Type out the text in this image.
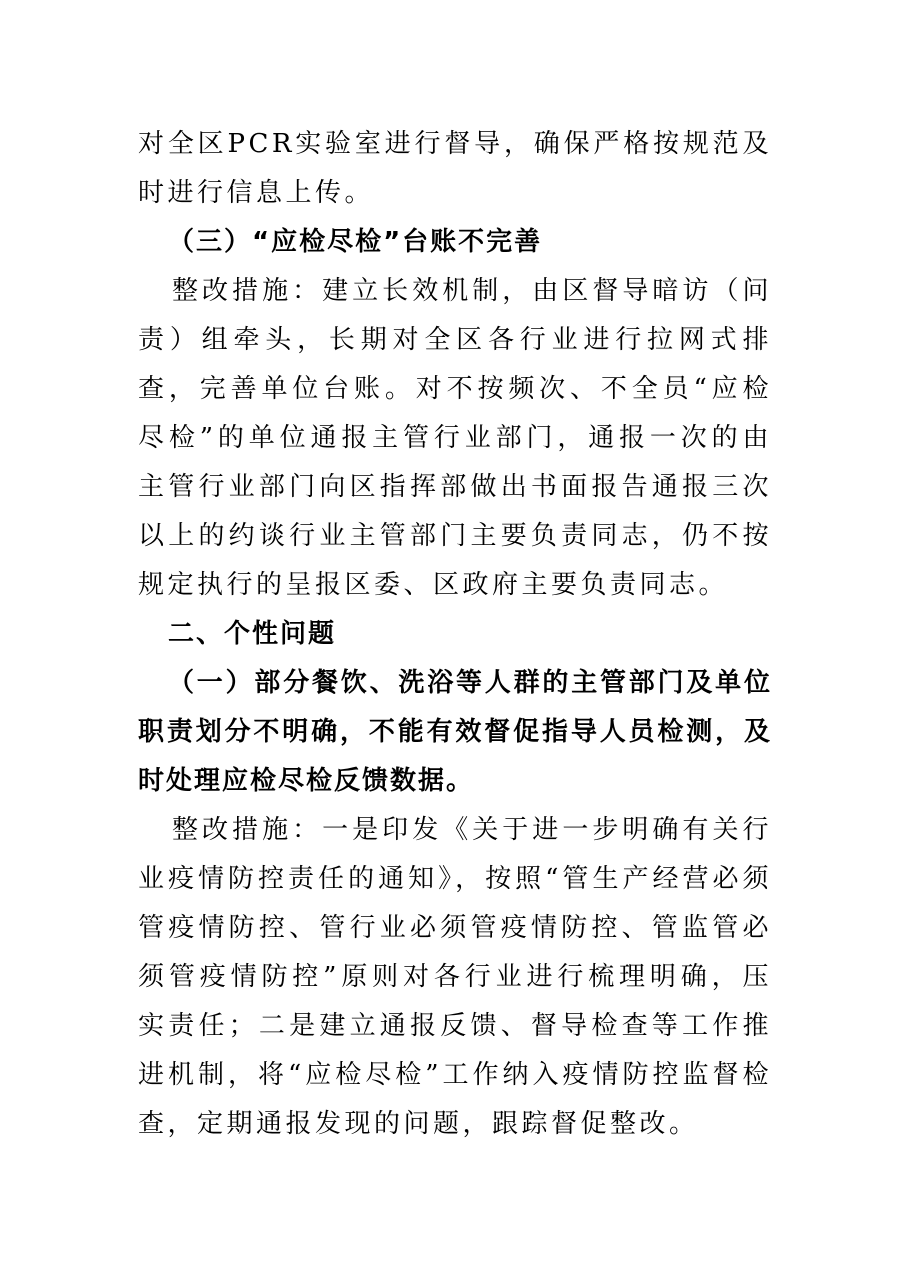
对全区PCR实验室进行督导，确保严格按规范及时进行信息上传。

（三）“应检尽检”台账不完善

整改措施：建立长效机制，由区督导暗访（问责）组牵头，长期对全区各行业进行拉网式排查，完善单位台账。对不按频次、不全员“应检尽检”的单位通报主管行业部门，通报一次的由主管行业部门向区指挥部做出书面报告通报三次以上的约谈行业主管部门主要负责同志，仍不按规定执行的呈报区委、区政府主要负责同志。

二、个性问题

（一）部分餐饮、洗浴等人群的主管部门及单位职责划分不明确，不能有效督促指导人员检测，及时处理应检尽检反馈数据。

整改措施：一是印发《关于进一步明确有关行业疫情防控责任的通知》，按照“管生产经营必须管疫情防控、管行业必须管疫情防控、管监管必须管疫情防控”原则对各行业进行梳理明确，压实责任；二是建立通报反馈、督导检查等工作推进机制，将“应检尽检”工作纳入疫情防控监督检查，定期通报发现的问题，跟踪督促整改。
